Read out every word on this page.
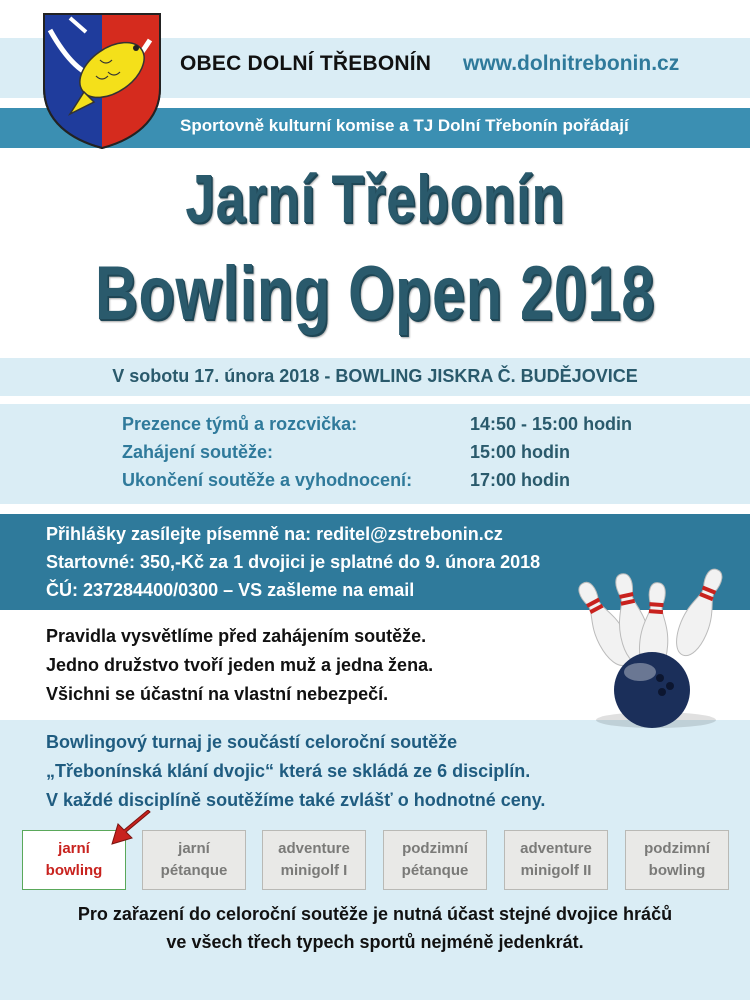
OBEC DOLNÍ TŘEBONÍN www.dolnitrebonin.cz
Sportovně kulturní komise a TJ Dolní Třebonín pořádají
Jarní Třebonín
Bowling Open 2018
V sobotu 17. února 2018 - BOWLING JISKRA Č. BUDĚJOVICE
Prezence týmů a rozcvička:	14:50 - 15:00 hodin
Zahájení soutěže:	15:00 hodin
Ukončení soutěže a vyhodnocení:	17:00 hodin
Přihlášky zasílejte písemně na: reditel@zstrebonin.cz
Startovné: 350,-Kč za 1 dvojici je splatné do 9. února 2018
ČÚ: 237284400/0300 – VS zašleme na email
Pravidla vysvětlíme před zahájením soutěže.
Jedno družstvo tvoří jeden muž a jedna žena.
Všichni se účastní na vlastní nebezpečí.
Bowlingový turnaj je součástí celoroční soutěže
„Třebonínská klání dvojic“ která se skládá ze 6 disciplín.
V každé disciplíně soutěžíme také zvlášť o hodnotné ceny.
jarní
bowling
jarní
pétanque
adventure
minigolf I
podzimní
pétanque
adventure
minigolf II
podzimní
bowling
Pro zařazení do celoroční soutěže je nutná účast stejné dvojice hráčů
ve všech třech typech sportů nejméně jedenkrát.
